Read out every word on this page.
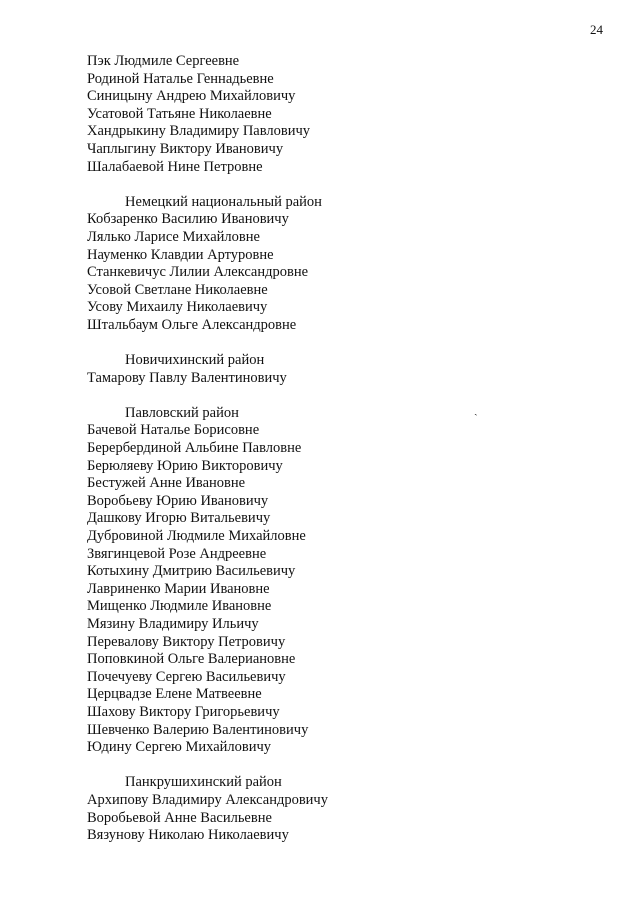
24
ˎ
Пэк Людмиле Сергеевне
Родиной Наталье Геннадьевне
Синицыну Андрею Михайловичу
Усатовой Татьяне Николаевне
Хандрыкину Владимиру Павловичу
Чаплыгину Виктору Ивановичу
Шалабаевой Нине Петровне
Немецкий национальный район
Кобзаренко Василию Ивановичу
Лялько Ларисе Михайловне
Науменко Клавдии Артуровне
Станкевичус Лилии Александровне
Усовой Светлане Николаевне
Усову Михаилу Николаевичу
Штальбаум Ольге Александровне
Новичихинский район
Тамарову Павлу Валентиновичу
Павловский район
Бачевой Наталье Борисовне
Берербердиной Альбине Павловне
Берюляеву Юрию Викторовичу
Бестужей Анне Ивановне
Воробьеву Юрию Ивановичу
Дашкову Игорю Витальевичу
Дубровиной Людмиле Михайловне
Звягинцевой Розе Андреевне
Котыхину Дмитрию Васильевичу
Лавриненко Марии Ивановне
Мищенко Людмиле Ивановне
Мязину Владимиру Ильичу
Перевалову Виктору Петровичу
Поповкиной Ольге Валериановне
Почечуеву Сергею Васильевичу
Церцвадзе Елене Матвеевне
Шахову Виктору Григорьевичу
Шевченко Валерию Валентиновичу
Юдину Сергею Михайловичу
Панкрушихинский район
Архипову Владимиру Александровичу
Воробьевой Анне Васильевне
Вязунову Николаю Николаевичу
